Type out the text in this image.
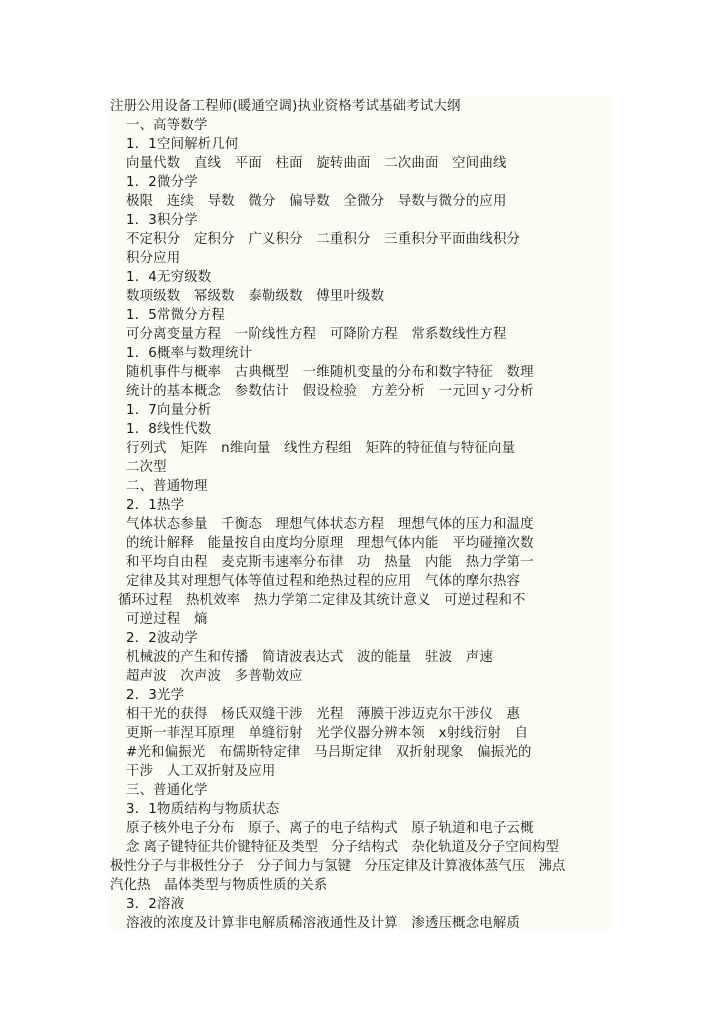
注册公用设备工程师(暖通空调)执业资格考试基础考试大纲
一、高等数学
1．1空间解析几何
向量代数　直线　平面　柱面　旋转曲面　二次曲面　空间曲线
1．2微分学
极限　连续　导数　微分　偏导数　全微分　导数与微分的应用
1．3积分学
不定积分　定积分　广义积分　二重积分　三重积分平面曲线积分
积分应用
1．4无穷级数
数项级数　幂级数　泰勒级数　傅里叶级数
1．5常微分方程
可分离变量方程　一阶线性方程　可降阶方程　常系数线性方程
1．6概率与数理统计
随机事件与概率　古典概型　一维随机变量的分布和数字特征　数理
统计的基本概念　参数估计　假设检验　方差分析　一元回ｙ刁分析
1．7向量分析
1．8线性代数
行列式　矩阵　n维向量　线性方程组　矩阵的特征值与特征向量
二次型
二、普通物理
2．1热学
气体状态参量　千衡态　理想气体状态方程　理想气体的压力和温度
的统计解释　能量按自由度均分原理　理想气体内能　平均碰撞次数
和平均自由程　麦克斯韦速率分布律　功　热量　内能　热力学第一
定律及其对理想气体等值过程和绝热过程的应用　气体的摩尔热容
循环过程　热机效率　热力学第二定律及其统计意义　可逆过程和不
可逆过程　熵
2．2波动学
机械波的产生和传播　简请波表达式　波的能量　驻波　声速
超声波　次声波　多普勒效应
2．3光学
相干光的获得　杨氏双缝干涉　光程　薄膜干涉迈克尔干涉仪　惠
更斯一菲涅耳原理　单缝衍射　光学仪器分辨本领　x射线衍射　自
#光和偏振光　布儒斯特定律　马吕斯定律　双折射现象　偏振光的
干涉　人工双折射及应用
三、普通化学
3．1物质结构与物质状态
原子核外电子分布　原子、离子的电子结构式　原子轨道和电子云概
念 离子键特征共价键特征及类型　分子结构式　杂化轨道及分子空间构型
极性分子与非极性分子　分子间力与氢键　分压定律及计算液体蒸气压　沸点
汽化热　晶体类型与物质性质的关系
3．2溶液
溶液的浓度及计算非电解质稀溶液通性及计算　渗透压概念电解质
